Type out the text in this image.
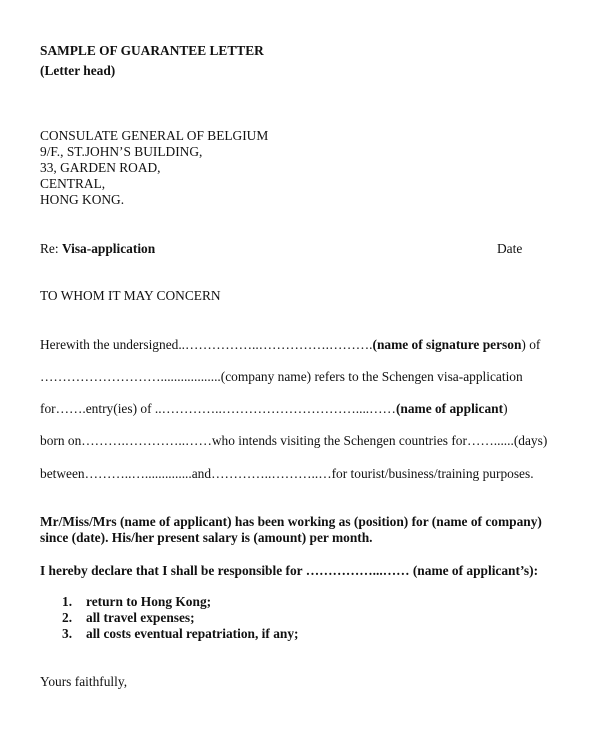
SAMPLE OF GUARANTEE LETTER
(Letter head)
CONSULATE GENERAL OF BELGIUM
9/F., ST.JOHN’S BUILDING,
33, GARDEN ROAD,
CENTRAL,
HONG KONG.
Re: Visa-application	Date
TO WHOM IT MAY CONCERN
Herewith the undersigned..……………..…………….……….(name of signature person) of
………………………..................(company name) refers to the Schengen visa-application
for…….entry(ies) of ..…………..…………………………....……(name of applicant)
born on……….…………..……who intends visiting the Schengen countries for……......(days)
between………..…..............and…………..………..…for tourist/business/training purposes.
Mr/Miss/Mrs (name of applicant) has been working as (position) for (name of company)
since (date). His/her present salary is (amount) per month.
I hereby declare that I shall be responsible for ……………...…… (name of applicant’s):
1. return to Hong Kong;
2. all travel expenses;
3. all costs eventual repatriation, if any;
Yours faithfully,
